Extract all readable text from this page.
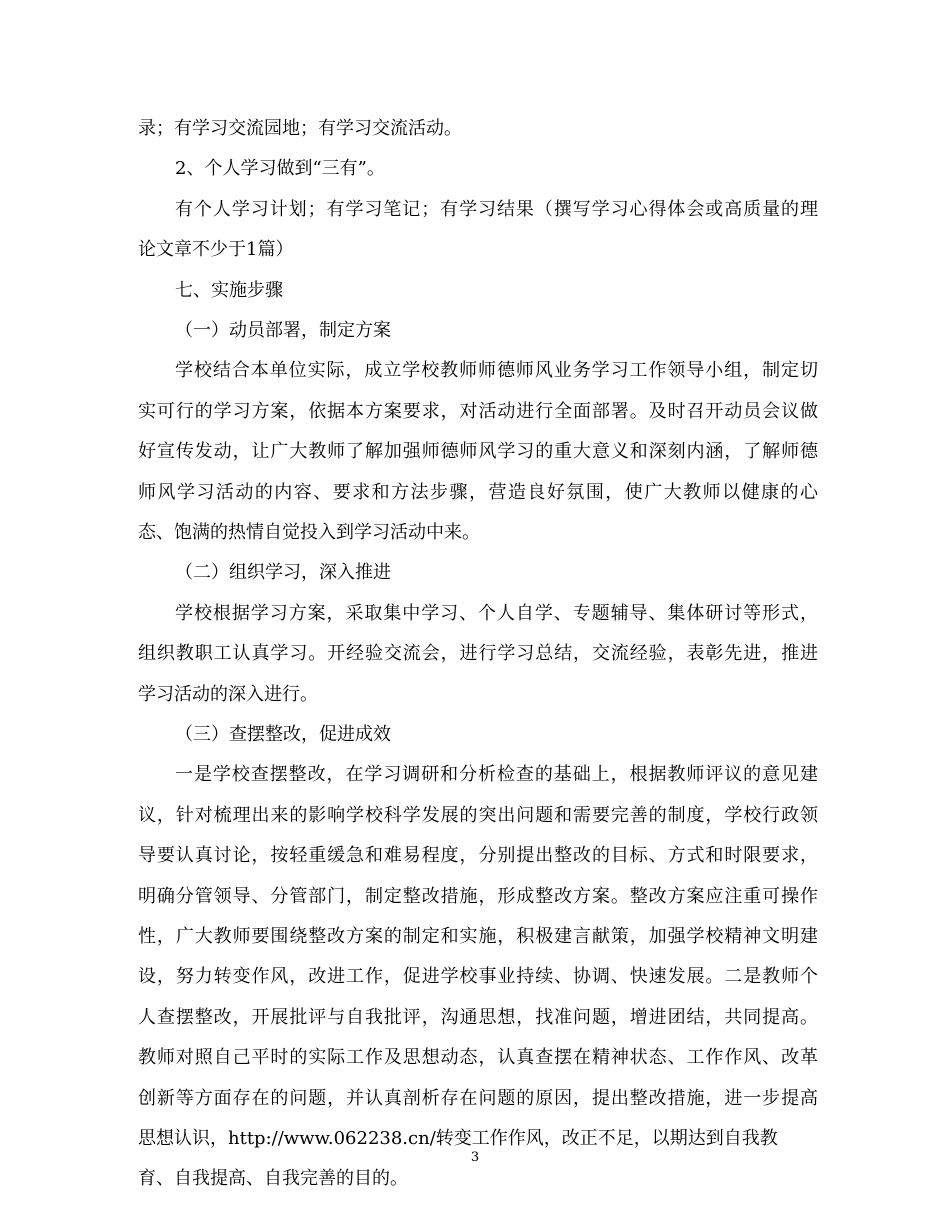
录；有学习交流园地；有学习交流活动。
2、个人学习做到“三有”。
有个人学习计划；有学习笔记；有学习结果（撰写学习心得体会或高质量的理
论文章不少于1篇）
七、实施步骤
（一）动员部署，制定方案
学校结合本单位实际，成立学校教师师德师风业务学习工作领导小组，制定切
实可行的学习方案，依据本方案要求，对活动进行全面部署。及时召开动员会议做
好宣传发动，让广大教师了解加强师德师风学习的重大意义和深刻内涵，了解师德
师风学习活动的内容、要求和方法步骤，营造良好氛围，使广大教师以健康的心
态、饱满的热情自觉投入到学习活动中来。
（二）组织学习，深入推进
学校根据学习方案，采取集中学习、个人自学、专题辅导、集体研讨等形式，
组织教职工认真学习。开经验交流会，进行学习总结，交流经验，表彰先进，推进
学习活动的深入进行。
（三）查摆整改，促进成效
一是学校查摆整改，在学习调研和分析检查的基础上，根据教师评议的意见建
议，针对梳理出来的影响学校科学发展的突出问题和需要完善的制度，学校行政领
导要认真讨论，按轻重缓急和难易程度，分别提出整改的目标、方式和时限要求，
明确分管领导、分管部门，制定整改措施，形成整改方案。整改方案应注重可操作
性，广大教师要围绕整改方案的制定和实施，积极建言献策，加强学校精神文明建
设，努力转变作风，改进工作，促进学校事业持续、协调、快速发展。二是教师个
人查摆整改，开展批评与自我批评，沟通思想，找准问题，增进团结，共同提高。
教师对照自己平时的实际工作及思想动态，认真查摆在精神状态、工作作风、改革
创新等方面存在的问题，并认真剖析存在问题的原因，提出整改措施，进一步提高
思想认识，http://www.062238.cn/转变工作作风，改正不足，以期达到自我教
育、自我提高、自我完善的目的。
3
